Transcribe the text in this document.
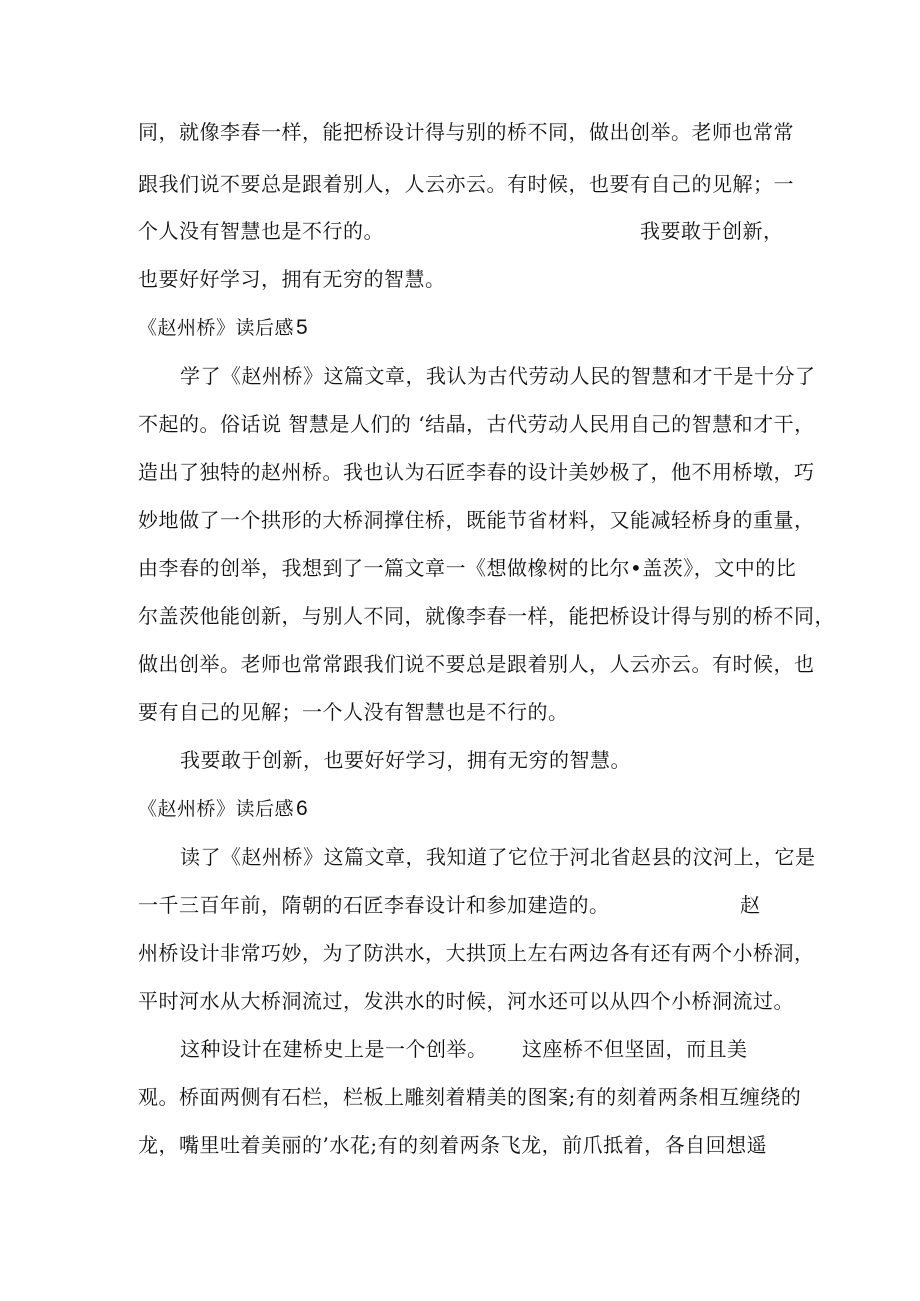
同，就像李春一样，能把桥设计得与别的桥不同，做出创举。老师也常常
跟我们说不要总是跟着别人，人云亦云。有时候，也要有自己的见解；一
个人没有智慧也是不行的。	我要敢于创新，
也要好好学习，拥有无穷的智慧。
《赵州桥》读后感5
学了《赵州桥》这篇文章，我认为古代劳动人民的智慧和才干是十分了
不起的。俗话说 智慧是人们的 ‘结晶，古代劳动人民用自己的智慧和才干，
造出了独特的赵州桥。我也认为石匠李春的设计美妙极了，他不用桥墩，巧
妙地做了一个拱形的大桥洞撑住桥，既能节省材料，又能减轻桥身的重量，
由李春的创举，我想到了一篇文章一《想做橡树的比尔•盖茨》，文中的比
尔盖茨他能创新，与别人不同，就像李春一样，能把桥设计得与别的桥不同，
做出创举。老师也常常跟我们说不要总是跟着别人，人云亦云。有时候，也
要有自己的见解；一个人没有智慧也是不行的。
我要敢于创新，也要好好学习，拥有无穷的智慧。
《赵州桥》读后感6
读了《赵州桥》这篇文章，我知道了它位于河北省赵县的汶河上，它是
一千三百年前，隋朝的石匠李春设计和参加建造的。	赵
州桥设计非常巧妙，为了防洪水，大拱顶上左右两边各有还有两个小桥洞，
平时河水从大桥洞流过，发洪水的时候，河水还可以从四个小桥洞流过。
这种设计在建桥史上是一个创举。 这座桥不但坚固，而且美
观。桥面两侧有石栏，栏板上雕刻着精美的图案;有的刻着两条相互缠绕的
龙，嘴里吐着美丽的’水花;有的刻着两条飞龙，前爪抵着，各自回想遥
